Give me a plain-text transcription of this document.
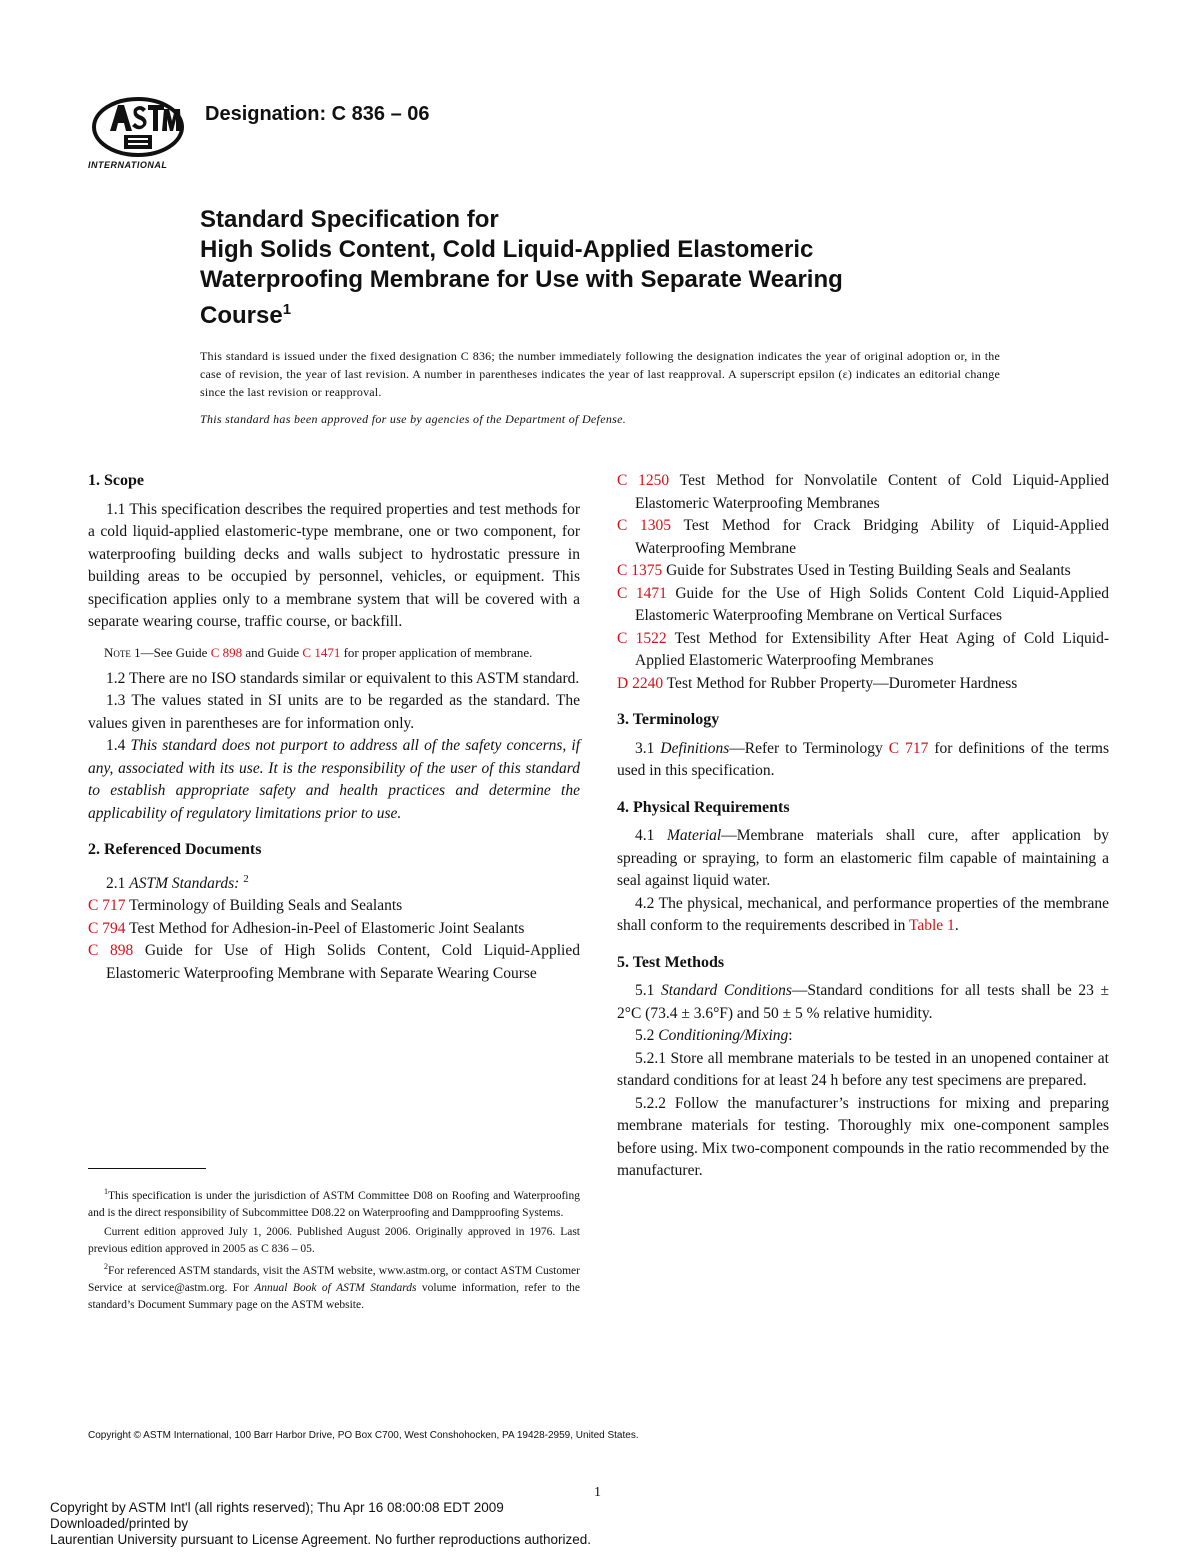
INTERNATIONAL
Designation: C 836 – 06
Standard Specification for
High Solids Content, Cold Liquid-Applied Elastomeric
Waterproofing Membrane for Use with Separate Wearing
Course$^1$
This standard is issued under the fixed designation C 836; the number immediately following the designation indicates the year of original adoption or, in the case of revision, the year of last revision. A number in parentheses indicates the year of last reapproval. A superscript epsilon (ε) indicates an editorial change since the last revision or reapproval.
This standard has been approved for use by agencies of the Department of Defense.

1. Scope

1.1 This specification describes the required properties and test methods for a cold liquid-applied elastomeric-type membrane, one or two component, for waterproofing building decks and walls subject to hydrostatic pressure in building areas to be occupied by personnel, vehicles, or equipment. This specification applies only to a membrane system that will be covered with a separate wearing course, traffic course, or backfill.

Note 1—See Guide C 898 and Guide C 1471 for proper application of membrane.

1.2 There are no ISO standards similar or equivalent to this ASTM standard.

1.3 The values stated in SI units are to be regarded as the standard. The values given in parentheses are for information only.

1.4 This standard does not purport to address all of the safety concerns, if any, associated with its use. It is the responsibility of the user of this standard to establish appropriate safety and health practices and determine the applicability of regulatory limitations prior to use.

2. Referenced Documents

2.1 ASTM Standards: $^2$

C 717 Terminology of Building Seals and Sealants

C 794 Test Method for Adhesion-in-Peel of Elastomeric Joint Sealants

C 898 Guide for Use of High Solids Content, Cold Liquid-Applied Elastomeric Waterproofing Membrane with Separate Wearing Course

$^1$This specification is under the jurisdiction of ASTM Committee D08 on Roofing and Waterproofing and is the direct responsibility of Subcommittee D08.22 on Waterproofing and Dampproofing Systems.

Current edition approved July 1, 2006. Published August 2006. Originally approved in 1976. Last previous edition approved in 2005 as C 836 – 05.

$^2$For referenced ASTM standards, visit the ASTM website, www.astm.org, or contact ASTM Customer Service at service@astm.org. For Annual Book of ASTM Standards volume information, refer to the standard’s Document Summary page on the ASTM website.

C 1250 Test Method for Nonvolatile Content of Cold Liquid-Applied Elastomeric Waterproofing Membranes

C 1305 Test Method for Crack Bridging Ability of Liquid-Applied Waterproofing Membrane

C 1375 Guide for Substrates Used in Testing Building Seals and Sealants

C 1471 Guide for the Use of High Solids Content Cold Liquid-Applied Elastomeric Waterproofing Membrane on Vertical Surfaces

C 1522 Test Method for Extensibility After Heat Aging of Cold Liquid-Applied Elastomeric Waterproofing Membranes

D 2240 Test Method for Rubber Property—Durometer Hardness

3. Terminology

3.1 Definitions—Refer to Terminology C 717 for definitions of the terms used in this specification.

4. Physical Requirements

4.1 Material—Membrane materials shall cure, after application by spreading or spraying, to form an elastomeric film capable of maintaining a seal against liquid water.

4.2 The physical, mechanical, and performance properties of the membrane shall conform to the requirements described in Table 1.

5. Test Methods

5.1 Standard Conditions—Standard conditions for all tests shall be 23 ± 2°C (73.4 ± 3.6°F) and 50 ± 5 % relative humidity.

5.2 Conditioning/Mixing:

5.2.1 Store all membrane materials to be tested in an unopened container at standard conditions for at least 24 h before any test specimens are prepared.

5.2.2 Follow the manufacturer’s instructions for mixing and preparing membrane materials for testing. Thoroughly mix one-component samples before using. Mix two-component compounds in the ratio recommended by the manufacturer.

Copyright © ASTM International, 100 Barr Harbor Drive, PO Box C700, West Conshohocken, PA 19428-2959, United States.
1
Copyright by ASTM Int'l (all rights reserved); Thu Apr 16 08:00:08 EDT 2009
Downloaded/printed by
Laurentian University pursuant to License Agreement. No further reproductions authorized.
